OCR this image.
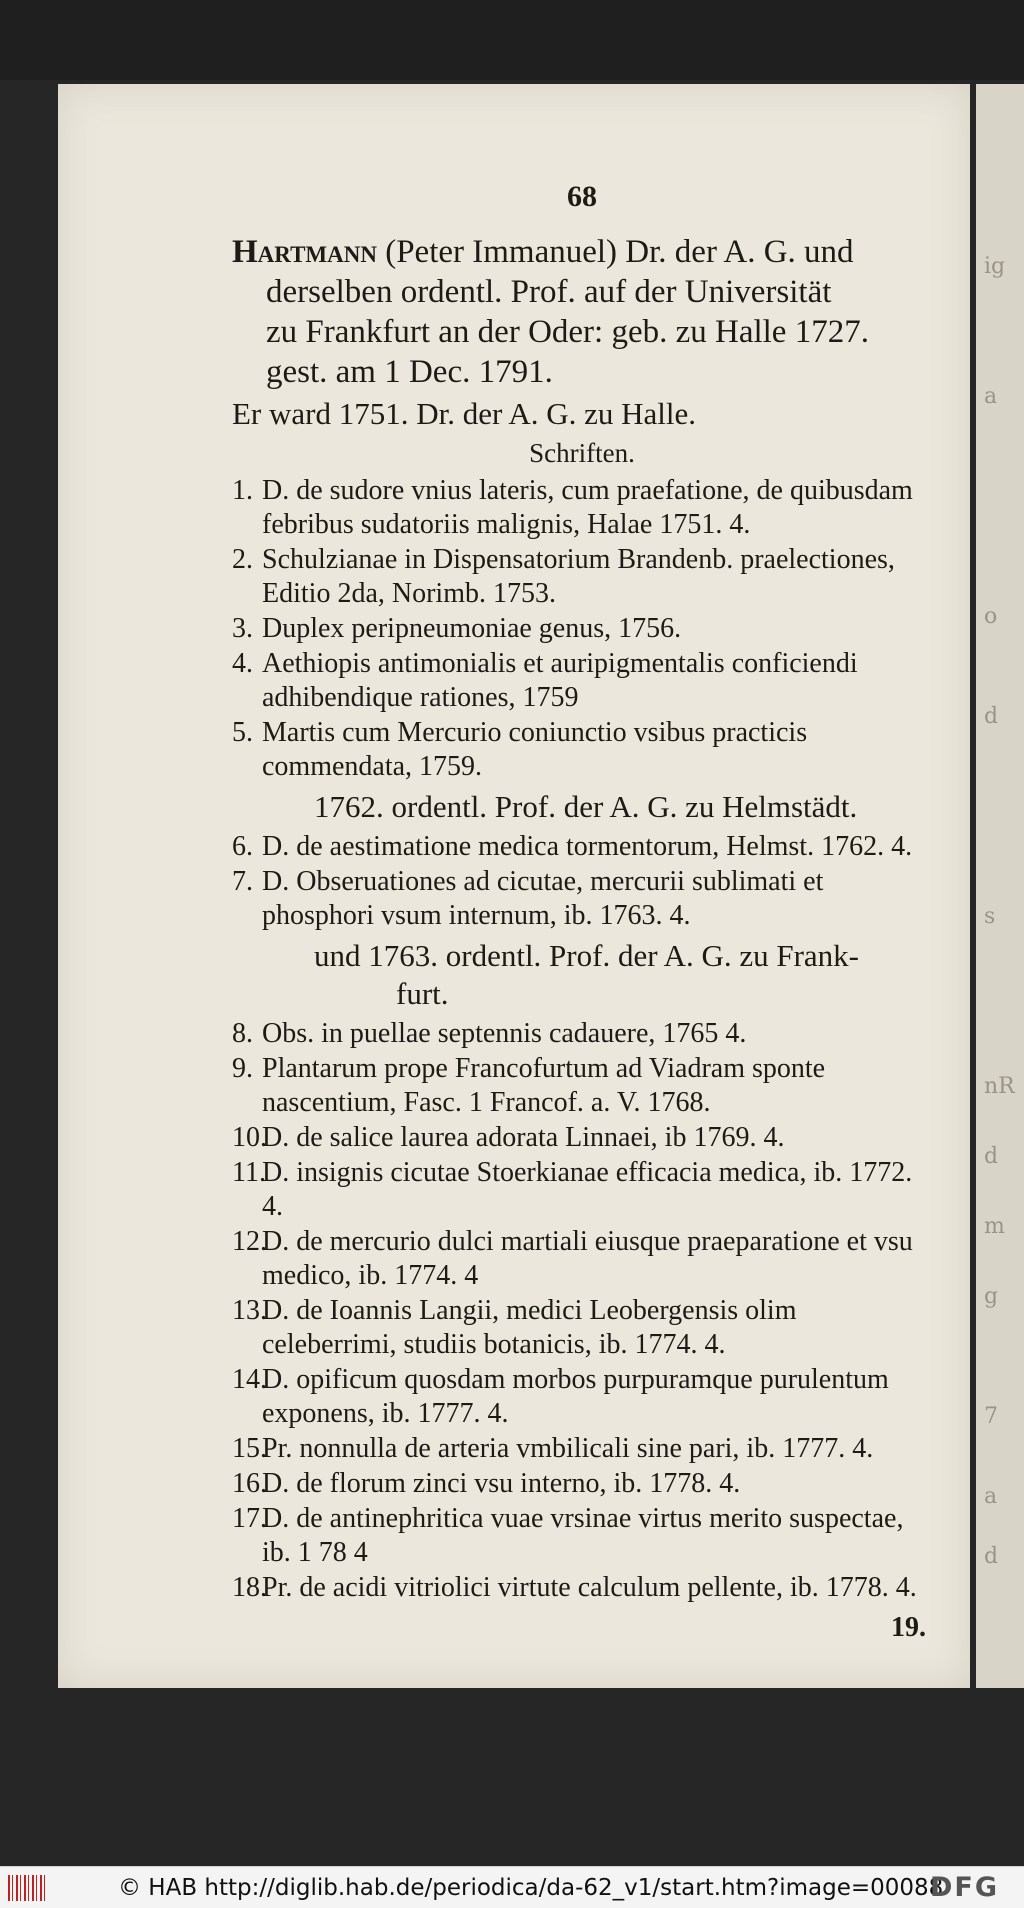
ig
a
o
d
s
nR
d
m
g
7
a
d
68
Hartmann (Peter Immanuel) Dr. der A. G. und
derselben ordentl. Prof. auf der Universität
zu Frankfurt an der Oder: geb. zu Halle 1727.
gest. am 1 Dec. 1791.
Er ward 1751. Dr. der A. G. zu Halle.
Schriften.
1. D. de sudore vnius lateris, cum praefatione, de quibusdam febribus sudatoriis malignis, Halae 1751. 4.
2. Schulzianae in Dispensatorium Brandenb. praelectiones, Editio 2da, Norimb. 1753.
3. Duplex peripneumoniae genus, 1756.
4. Aethiopis antimonialis et auripigmentalis conficiendi adhibendique rationes, 1759
5. Martis cum Mercurio coniunctio vsibus practicis commendata, 1759.
1762. ordentl. Prof. der A. G. zu Helmstädt.
6. D. de aestimatione medica tormentorum, Helmst. 1762. 4.
7. D. Obseruationes ad cicutae, mercurii sublimati et phosphori vsum internum, ib. 1763. 4.
und 1763. ordentl. Prof. der A. G. zu Frank-
furt.
8. Obs. in puellae septennis cadauere, 1765 4.
9. Plantarum prope Francofurtum ad Viadram sponte nascentium, Fasc. 1 Francof. a. V. 1768.
10.
D. de salice laurea adorata Linnaei, ib 1769. 4.
11.
D. insignis cicutae Stoerkianae efficacia medica, ib. 1772. 4.
12.
D. de mercurio dulci martiali eiusque praeparatione et vsu medico, ib. 1774. 4
13.
D. de Ioannis Langii, medici Leobergensis olim celeberrimi, studiis botanicis, ib. 1774. 4.
14.
D. opificum quosdam morbos purpuramque purulentum exponens, ib. 1777. 4.
15.
Pr. nonnulla de arteria vmbilicali sine pari, ib. 1777. 4.
16.
D. de florum zinci vsu interno, ib. 1778. 4.
17.
D. de antinephritica vuae vrsinae virtus merito suspectae, ib. 1 78 4
18.
Pr. de acidi vitriolici virtute calculum pellente, ib. 1778. 4.
19.
© HAB http://diglib.hab.de/periodica/da-62_v1/start.htm?image=00088
DFG
